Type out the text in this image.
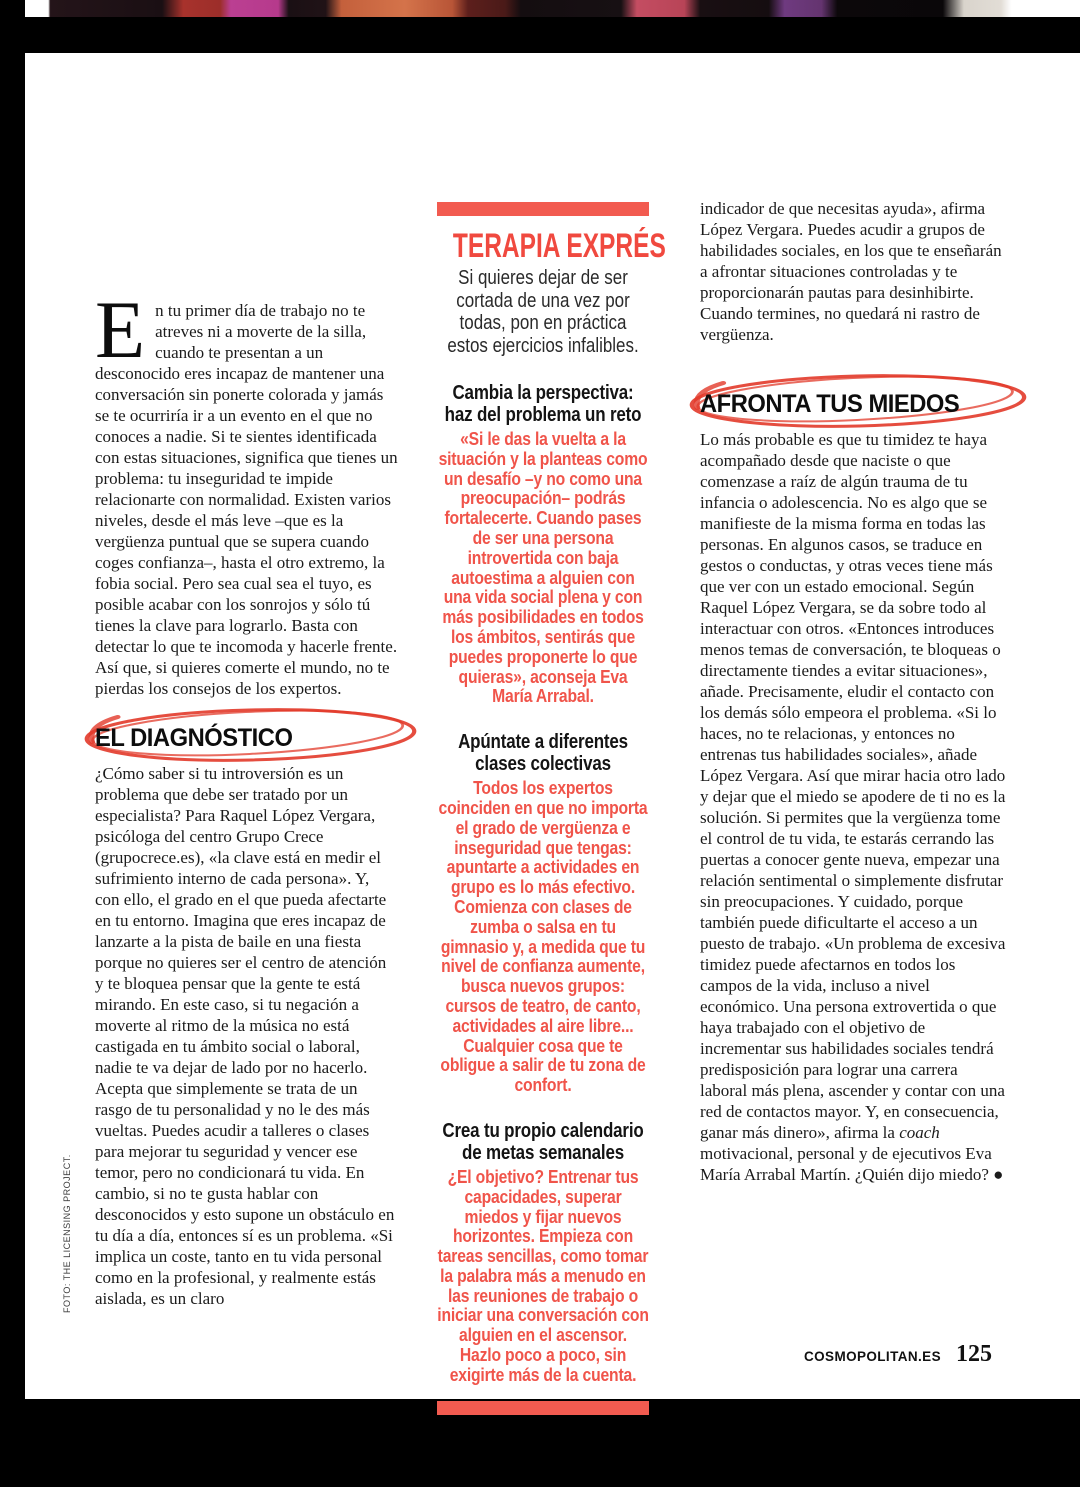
En tu primer día de trabajo no te atreves ni a moverte de la silla, cuando te presentan a un desconocido eres incapaz de mantener una conversación sin ponerte colorada y jamás se te ocurriría ir a un evento en el que no conoces a nadie. Si te sientes identificada con estas situaciones, significa que tienes un problema: tu inseguridad te impide relacionarte con normalidad. Existen varios niveles, desde el más leve –que es la vergüenza puntual que se supera cuando coges confianza–, hasta el otro extremo, la fobia social. Pero sea cual sea el tuyo, es posible acabar con los sonrojos y sólo tú tienes la clave para lograrlo. Basta con detectar lo que te incomoda y hacerle frente. Así que, si quieres comerte el mundo, no te pierdas los consejos de los expertos.

EL DIAGNÓSTICO

¿Cómo saber si tu introversión es un problema que debe ser tratado por un especialista? Para Raquel López Vergara, psicóloga del centro Grupo Crece (grupocrece.es), «la clave está en medir el sufrimiento interno de cada persona». Y, con ello, el grado en el que pueda afectarte en tu entorno. Imagina que eres incapaz de lanzarte a la pista de baile en una fiesta porque no quieres ser el centro de atención y te bloquea pensar que la gente te está mirando. En este caso, si tu negación a moverte al ritmo de la música no está castigada en tu ámbito social o laboral, nadie te va dejar de lado por no hacerlo. Acepta que simplemente se trata de un rasgo de tu personalidad y no le des más vueltas. Puedes acudir a talleres o clases para mejorar tu seguridad y vencer ese temor, pero no condicionará tu vida. En cambio, si no te gusta hablar con desconocidos y esto supone un obstáculo en tu día a día, entonces sí es un problema. «Si implica un coste, tanto en tu vida personal como en la profesional, y realmente estás aislada, es un claro

TERAPIA EXPRÉS

Si quieres dejar de ser cortada de una vez por todas, pon en práctica estos ejercicios infalibles.

Cambia la perspectiva: haz del problema un reto

«Si le das la vuelta a la situación y la planteas como un desafío –y no como una preocupación– podrás fortalecerte. Cuando pases de ser una persona introvertida con baja autoestima a alguien con una vida social plena y con más posibilidades en todos los ámbitos, sentirás que puedes proponerte lo que quieras», aconseja Eva María Arrabal.

Apúntate a diferentes clases colectivas

Todos los expertos coinciden en que no importa el grado de vergüenza e inseguridad que tengas: apuntarte a actividades en grupo es lo más efectivo. Comienza con clases de zumba o salsa en tu gimnasio y, a medida que tu nivel de confianza aumente, busca nuevos grupos: cursos de teatro, de canto, actividades al aire libre... Cualquier cosa que te obligue a salir de tu zona de confort.

Crea tu propio calendario de metas semanales

¿El objetivo? Entrenar tus capacidades, superar miedos y fijar nuevos horizontes. Empieza con tareas sencillas, como tomar la palabra más a menudo en las reuniones de trabajo o iniciar una conversación con alguien en el ascensor. Hazlo poco a poco, sin exigirte más de la cuenta.

indicador de que necesitas ayuda», afirma López Vergara. Puedes acudir a grupos de habilidades sociales, en los que te enseñarán a afrontar situaciones controladas y te proporcionarán pautas para desinhibirte. Cuando termines, no quedará ni rastro de vergüenza.

AFRONTA TUS MIEDOS

Lo más probable es que tu timidez te haya acompañado desde que naciste o que comenzase a raíz de algún trauma de tu infancia o adolescencia. No es algo que se manifieste de la misma forma en todas las personas. En algunos casos, se traduce en gestos o conductas, y otras veces tiene más que ver con un estado emocional. Según Raquel López Vergara, se da sobre todo al interactuar con otros. «Entonces introduces menos temas de conversación, te bloqueas o directamente tiendes a evitar situaciones», añade. Precisamente, eludir el contacto con los demás sólo empeora el problema. «Si lo haces, no te relacionas, y entonces no entrenas tus habilidades sociales», añade López Vergara. Así que mirar hacia otro lado y dejar que el miedo se apodere de ti no es la solución. Si permites que la vergüenza tome el control de tu vida, te estarás cerrando las puertas a conocer gente nueva, empezar una relación sentimental o simplemente disfrutar sin preocupaciones. Y cuidado, porque también puede dificultarte el acceso a un puesto de trabajo. «Un problema de excesiva timidez puede afectarnos en todos los campos de la vida, incluso a nivel económico. Una persona extrovertida o que haya trabajado con el objetivo de incrementar sus habilidades sociales tendrá predisposición para lograr una carrera laboral más plena, ascender y contar con una red de contactos mayor. Y, en consecuencia, ganar más dinero», afirma la coach motivacional, personal y de ejecutivos Eva María Arrabal Martín. ¿Quién dijo miedo? ●

COSMOPOLITAN.ES 125
FOTO: THE LICENSING PROJECT.
